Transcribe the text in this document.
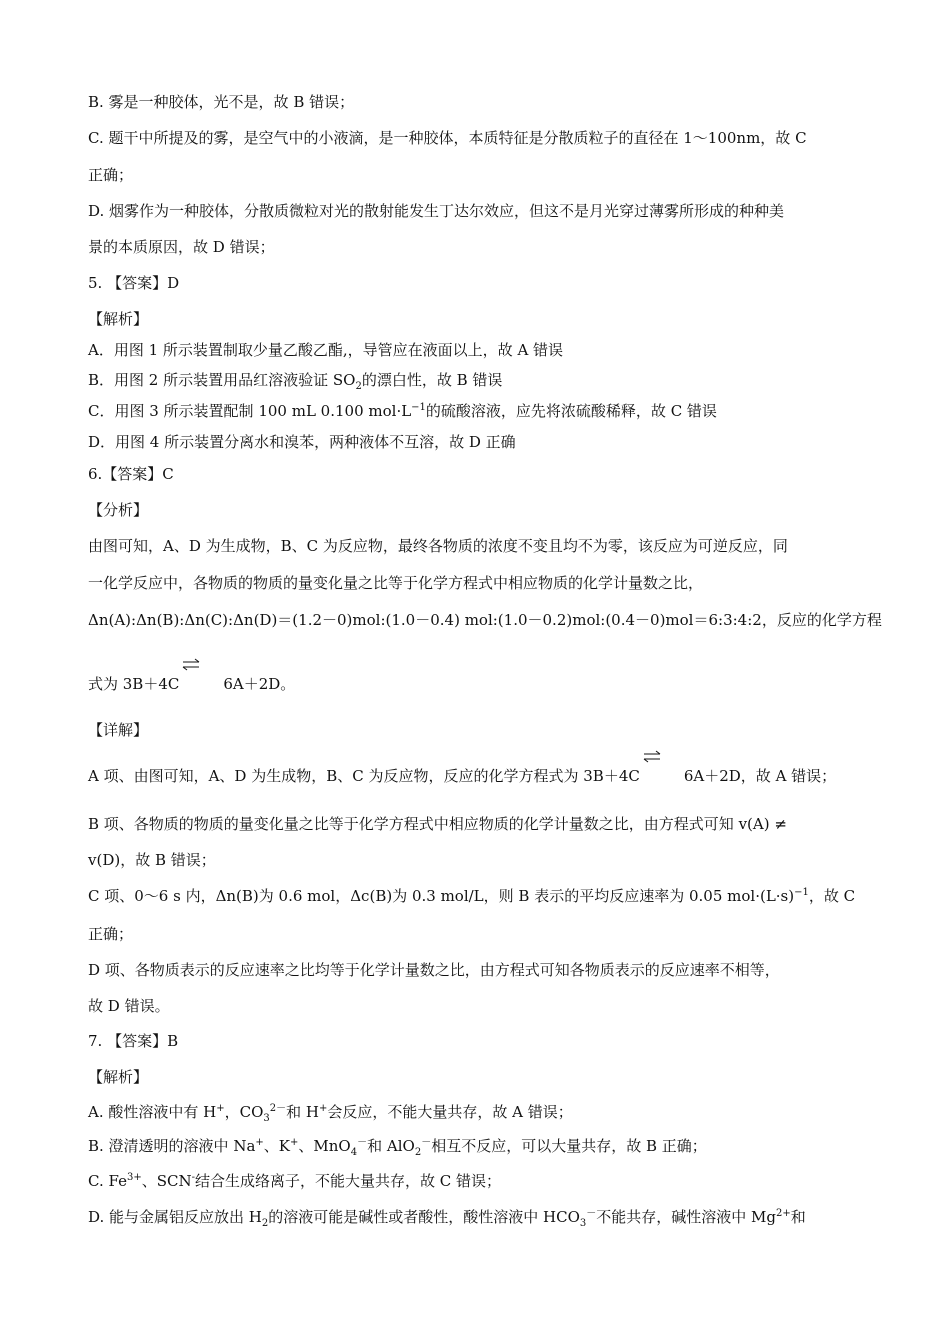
B. 雾是一种胶体，光不是，故 B 错误；
C. 题干中所提及的雾，是空气中的小液滴，是一种胶体，本质特征是分散质粒子的直径在 1～100nm，故 C
正确；
D. 烟雾作为一种胶体，分散质微粒对光的散射能发生丁达尔效应，但这不是月光穿过薄雾所形成的种种美
景的本质原因，故 D 错误；
5. 【答案】D
【解析】
A．用图 1 所示装置制取少量乙酸乙酯,，导管应在液面以上，故 A 错误
B．用图 2 所示装置用品红溶液验证 $SO_2$的漂白性，故 B 错误
C．用图 3 所示装置配制 100 mL 0.100 $mol\cdot L^{-1}$的硫酸溶液，应先将浓硫酸稀释，故 C 错误
D．用图 4 所示装置分离水和溴苯，两种液体不互溶，故 D 正确
6.【答案】C
【分析】
由图可知，A、D 为生成物，B、C 为反应物，最终各物质的浓度不变且均不为零，该反应为可逆反应，同
一化学反应中，各物质的物质的量变化量之比等于化学方程式中相应物质的化学计量数之比，
Δn(A):Δn(B):Δn(C):Δn(D)＝(1.2－0)mol:(1.0－0.4) mol:(1.0－0.2)mol:(0.4－0)mol＝6:3:4:2，反应的化学方程
式为 3B＋4C⇌ 6A＋2D。
【详解】
A 项、由图可知，A、D 为生成物，B、C 为反应物，反应的化学方程式为 3B＋4C⇌ 6A＋2D，故 A 错误；
B 项、各物质的物质的量变化量之比等于化学方程式中相应物质的化学计量数之比，由方程式可知 v(A) ≠
v(D)，故 B 错误；
C 项、0～6 s 内，Δn(B)为 0.6 mol，Δc(B)为 0.3 mol/L，则 B 表示的平均反应速率为 0.05 $mol\cdot(L\cdot s)^{-1}$，故 C
正确；
D 项、各物质表示的反应速率之比均等于化学计量数之比，由方程式可知各物质表示的反应速率不相等，
故 D 错误。
7. 【答案】B
【解析】
A. 酸性溶液中有 H+，$CO_3^{2-}$和 H+会反应，不能大量共存，故 A 错误；
B. 澄清透明的溶液中 Na+、K+、MnO$_4$－和 AlO$_2$－相互不反应，可以大量共存，故 B 正确；
C. $Fe^{3+}$、SCN-结合生成络离子，不能大量共存，故 C 错误；
D. 能与金属铝反应放出 $H_2$的溶液可能是碱性或者酸性，酸性溶液中 $HCO_3^-$不能共存，碱性溶液中 $Mg^{2+}$和
